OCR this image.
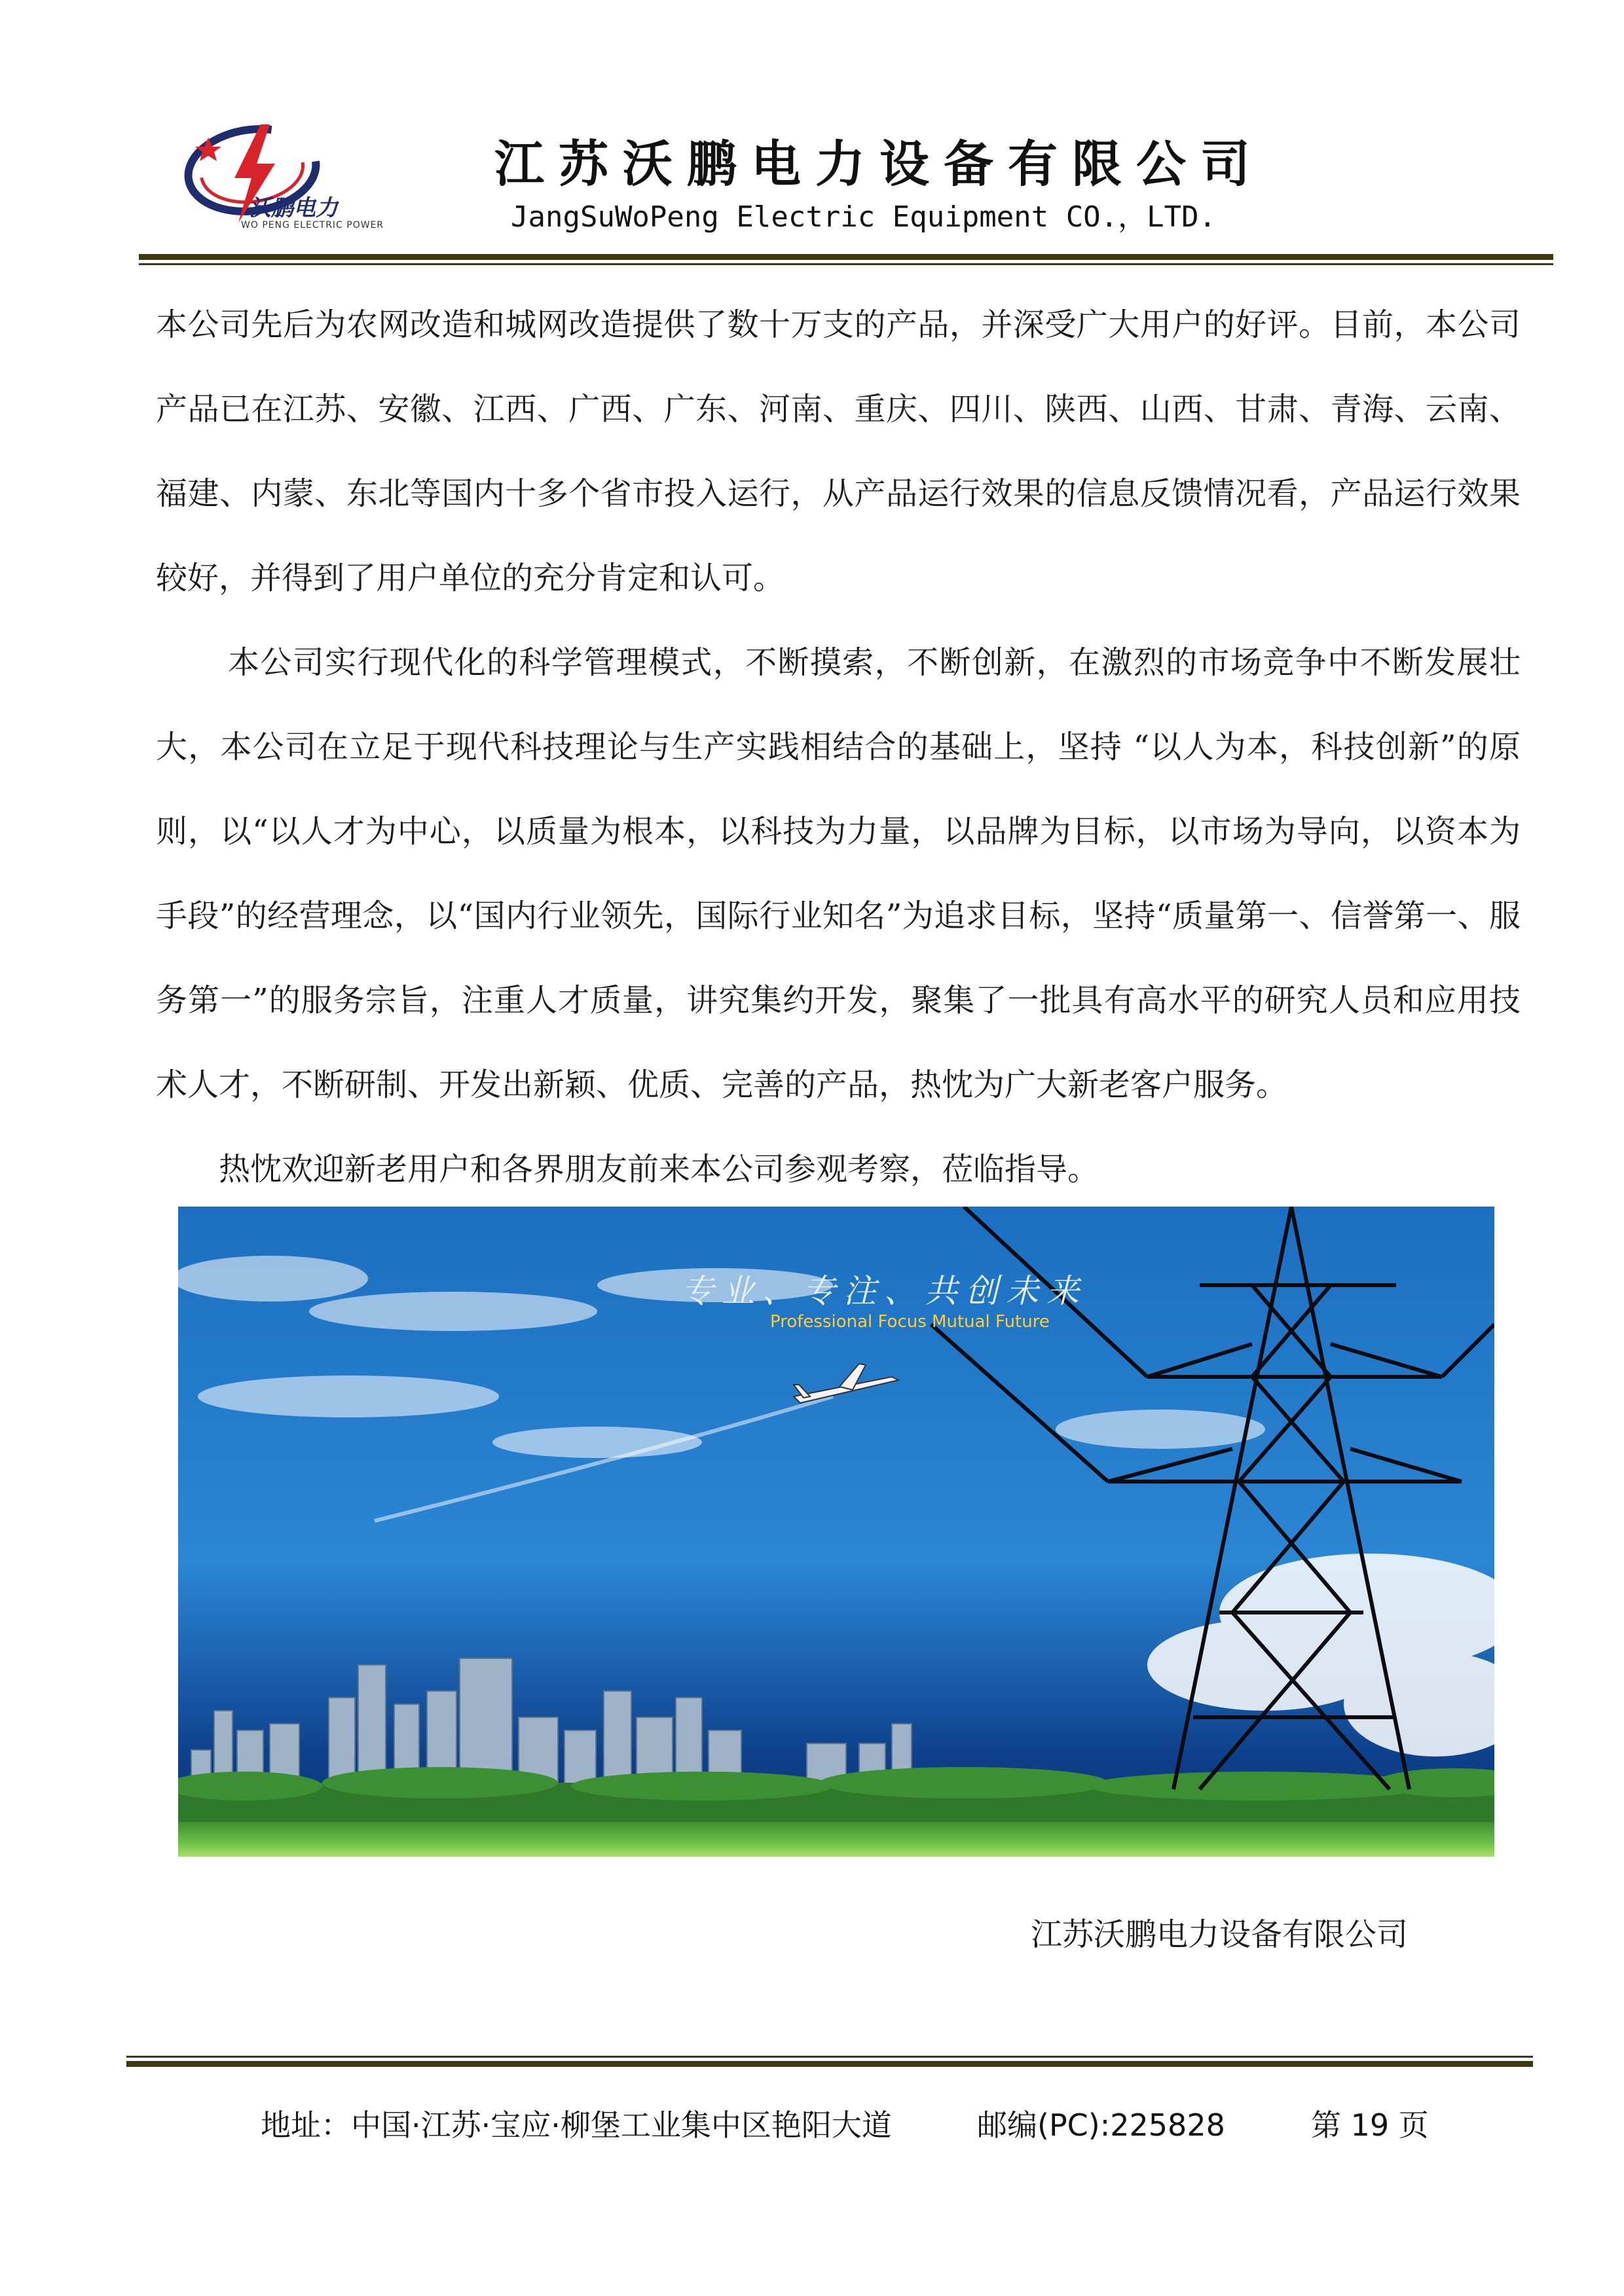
沃鹏电力
WO PENG ELECTRIC POWER
江苏沃鹏电力设备有限公司
JangSuWoPeng Electric Equipment CO.，LTD.

本公司先后为农网改造和城网改造提供了数十万支的产品，并深受广大用户的好评。目前，本公司产品已在江苏、安徽、江西、广西、广东、河南、重庆、四川、陕西、山西、甘肃、青海、云南、福建、内蒙、东北等国内十多个省市投入运行，从产品运行效果的信息反馈情况看，产品运行效果较好，并得到了用户单位的充分肯定和认可。

本公司实行现代化的科学管理模式，不断摸索，不断创新，在激烈的市场竞争中不断发展壮大，本公司在立足于现代科技理论与生产实践相结合的基础上，坚持 “以人为本，科技创新”的原则，以“以人才为中心，以质量为根本，以科技为力量，以品牌为目标，以市场为导向，以资本为手段”的经营理念，以“国内行业领先，国际行业知名”为追求目标，坚持“质量第一、信誉第一、服务第一”的服务宗旨，注重人才质量，讲究集约开发，聚集了一批具有高水平的研究人员和应用技术人才，不断研制、开发出新颖、优质、完善的产品，热忱为广大新老客户服务。

热忱欢迎新老用户和各界朋友前来本公司参观考察，莅临指导。

专业、专注、共创未来
Professional Focus Mutual Future
江苏沃鹏电力设备有限公司
地址：中国·江苏·宝应·柳堡工业集中区艳阳大道	邮编(PC):225828	第 19 页
